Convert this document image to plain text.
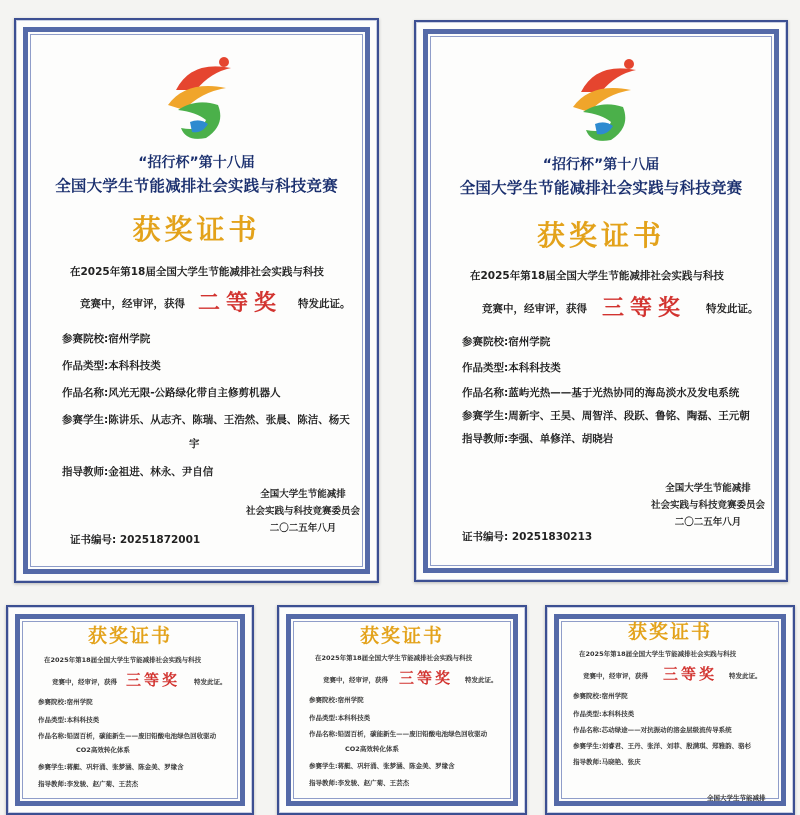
“招行杯”第十八届
全国大学生节能减排社会实践与科技竞赛
获奖证书
在2025年第18届全国大学生节能减排社会实践与科技
竞赛中，经审评，获得 二等奖 特发此证。
参赛院校:宿州学院
作品类型:本科科技类
作品名称:风光无限-公路绿化带自主修剪机器人
参赛学生:陈讲乐、从志齐、陈瑞、王浩然、张晨、陈洁、杨天
宇
指导教师:金祖进、林永、尹自信
全国大学生节能减排
社会实践与科技竞赛委员会
二〇二五年八月
证书编号: 20251872001
“招行杯”第十八届
全国大学生节能减排社会实践与科技竞赛
获奖证书
在2025年第18届全国大学生节能减排社会实践与科技
竞赛中，经审评，获得 三等奖 特发此证。
参赛院校:宿州学院
作品类型:本科科技类
作品名称:蓝屿光热——基于光热协同的海岛淡水及发电系统
参赛学生:周新宇、王昊、周智洋、段跃、鲁铭、陶磊、王元朝
指导教师:李强、单修洋、胡晓岩
全国大学生节能减排
社会实践与科技竞赛委员会
二〇二五年八月
证书编号: 20251830213
获奖证书
在2025年第18届全国大学生节能减排社会实践与科技
竞赛中，经审评，获得 三等奖 特发此证。
参赛院校:宿州学院
作品类型:本科科技类
作品名称:铅固百析，碳能新生——废旧铅酸电池绿色回收驱动
CO2高效转化体系
参赛学生:蒋艇、巩轩涌、张梦涵、陈金美、罗缘含
指导教师:李发骏、赵广菊、王芸杰
获奖证书
在2025年第18届全国大学生节能减排社会实践与科技
竞赛中，经审评，获得 三等奖 特发此证。
参赛院校:宿州学院
作品类型:本科科技类
作品名称:铅固百析，碳能新生——废旧铅酸电池绿色回收驱动
CO2高效转化体系
参赛学生:蒋艇、巩轩涌、张梦涵、陈金美、罗缘含
指导教师:李发骏、赵广菊、王芸杰
获奖证书
在2025年第18届全国大学生节能减排社会实践与科技
竞赛中，经审评，获得 三等奖 特发此证。
参赛院校:宿州学院
作品类型:本科科技类
作品名称:芯动绿途——对抗振动的溶金层级流传导系统
参赛学生:刘睿君、王丹、张洋、刘菲、殷满琪、郑雅韵、骆杉
指导教师:马晓艳、张庆
全国大学生节能减排
